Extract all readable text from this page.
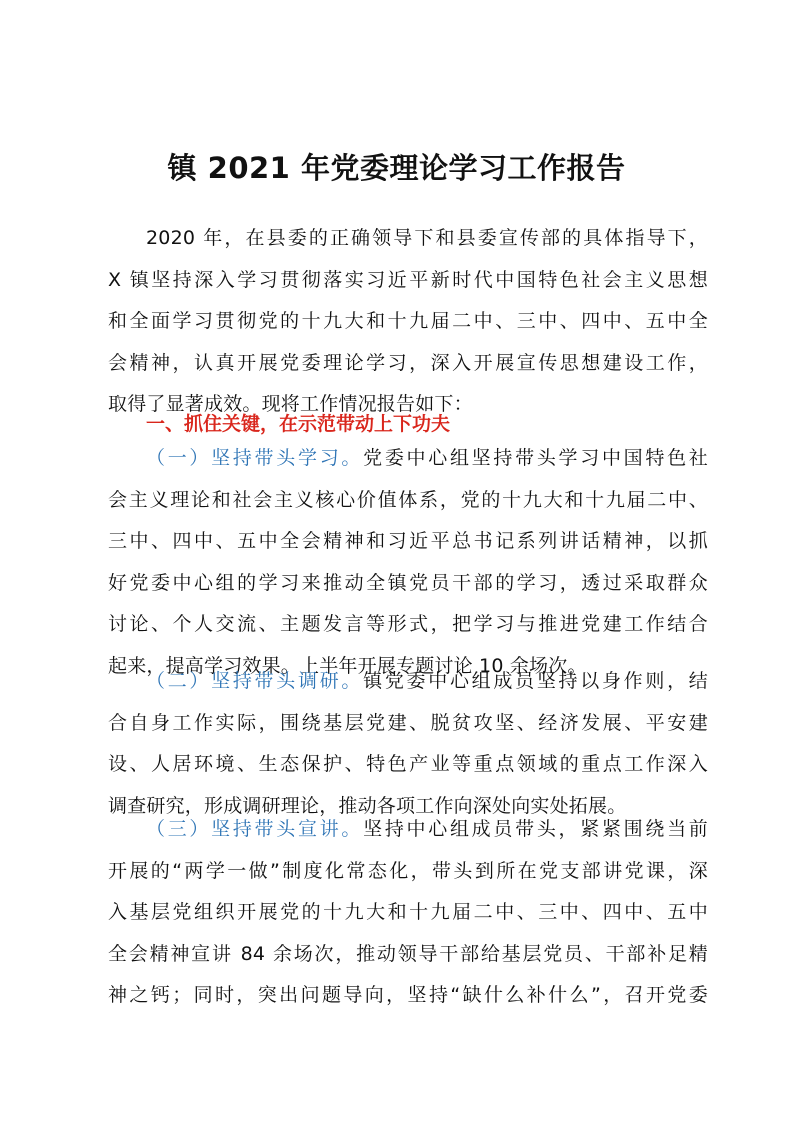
镇 2021 年党委理论学习工作报告
2020 年，在县委的正确领导下和县委宣传部的具体指导下，
X 镇坚持深入学习贯彻落实习近平新时代中国特色社会主义思想
和全面学习贯彻党的十九大和十九届二中、三中、四中、五中全
会精神，认真开展党委理论学习，深入开展宣传思想建设工作，
取得了显著成效。现将工作情况报告如下：
一、抓住关键，在示范带动上下功夫
（一）坚持带头学习。党委中心组坚持带头学习中国特色社
会主义理论和社会主义核心价值体系，党的十九大和十九届二中、
三中、四中、五中全会精神和习近平总书记系列讲话精神，以抓
好党委中心组的学习来推动全镇党员干部的学习，透过采取群众
讨论、个人交流、主题发言等形式，把学习与推进党建工作结合
起来，提高学习效果。上半年开展专题讨论 10 余场次。
（二）坚持带头调研。镇党委中心组成员坚持以身作则，结
合自身工作实际，围绕基层党建、脱贫攻坚、经济发展、平安建
设、人居环境、生态保护、特色产业等重点领域的重点工作深入
调查研究，形成调研理论，推动各项工作向深处向实处拓展。
（三）坚持带头宣讲。坚持中心组成员带头，紧紧围绕当前
开展的“两学一做”制度化常态化，带头到所在党支部讲党课，深
入基层党组织开展党的十九大和十九届二中、三中、四中、五中
全会精神宣讲 84 余场次，推动领导干部给基层党员、干部补足精
神之钙；同时，突出问题导向，坚持“缺什么补什么”，召开党委
